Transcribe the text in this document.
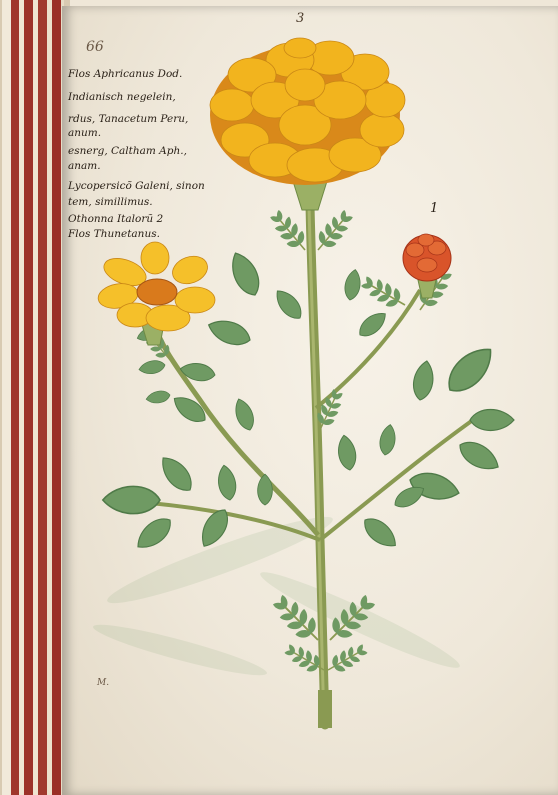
3
66
Flos Aphricanus Dod.
Indianisch negelein,
rdus, Tanacetum Peru,
anum.
esnerg, Caltham Aph.,
anam.
Lycopersicõ Galeni, sinon
tem, simillimus.
Othonna Italorũ 2
Flos Thunetanus.
1
M.
